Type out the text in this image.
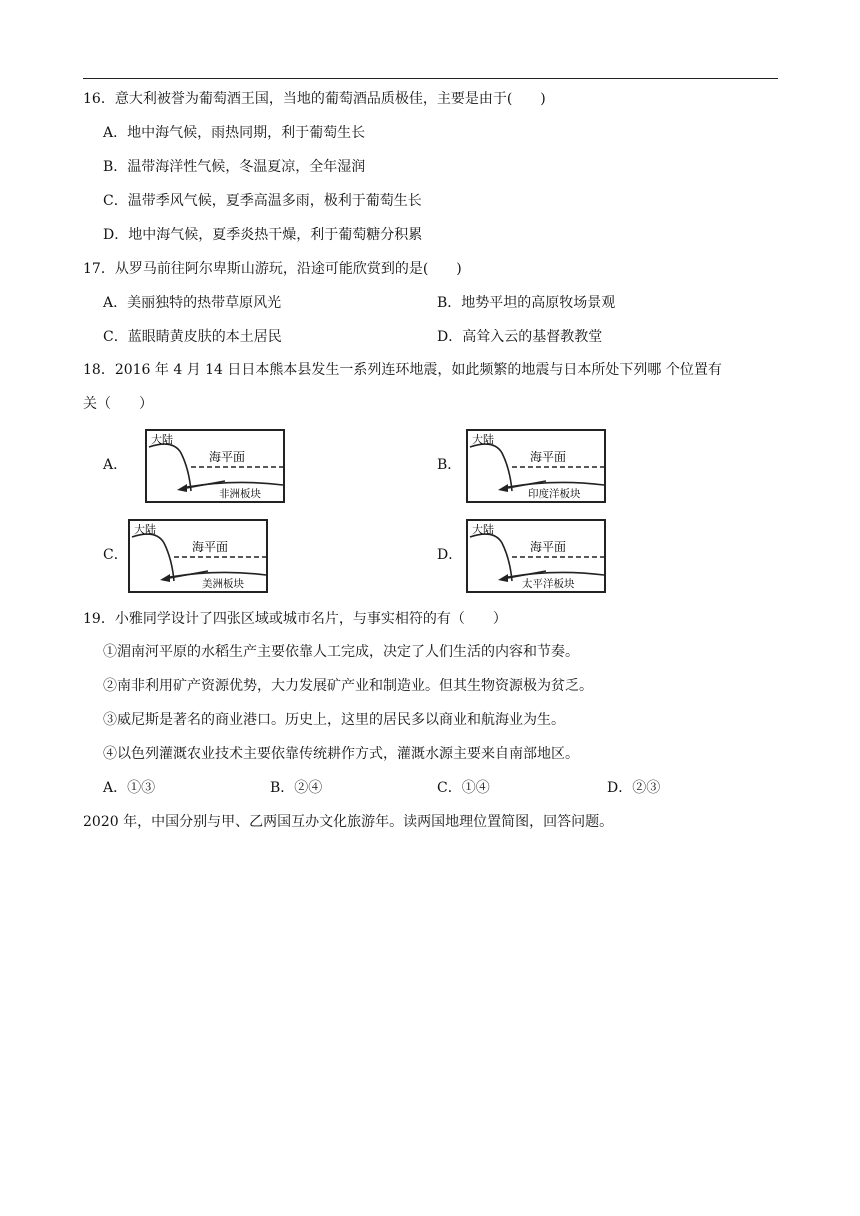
16．意大利被誉为葡萄酒王国，当地的葡萄酒品质极佳，主要是由于(　　)
A．地中海气候，雨热同期，利于葡萄生长
B．温带海洋性气候，冬温夏凉，全年湿润
C．温带季风气候，夏季高温多雨，极利于葡萄生长
D．地中海气候，夏季炎热干燥，利于葡萄糖分积累
17．从罗马前往阿尔卑斯山游玩，沿途可能欣赏到的是(　　)
A．美丽独特的热带草原风光	B．地势平坦的高原牧场景观
C．蓝眼睛黄皮肤的本土居民	D．高耸入云的基督教教堂
18．2016 年 4 月 14 日日本熊本县发生一系列连环地震，如此频繁的地震与日本所处下列哪 个位置有
关（　　）
A．
大陆
海平面
非洲板块
B．
大陆
海平面
印度洋板块
C．
大陆
海平面
美洲板块
D．
大陆
海平面
太平洋板块
19．小雅同学设计了四张区域或城市名片，与事实相符的有（　　）
①湄南河平原的水稻生产主要依靠人工完成，决定了人们生活的内容和节奏。
②南非利用矿产资源优势，大力发展矿产业和制造业。但其生物资源极为贫乏。
③威尼斯是著名的商业港口。历史上，这里的居民多以商业和航海业为生。
④以色列灌溉农业技术主要依靠传统耕作方式，灌溉水源主要来自南部地区。
A．①③	B．②④	C．①④	D．②③
2020 年，中国分别与甲、乙两国互办文化旅游年。读两国地理位置简图，回答问题。
